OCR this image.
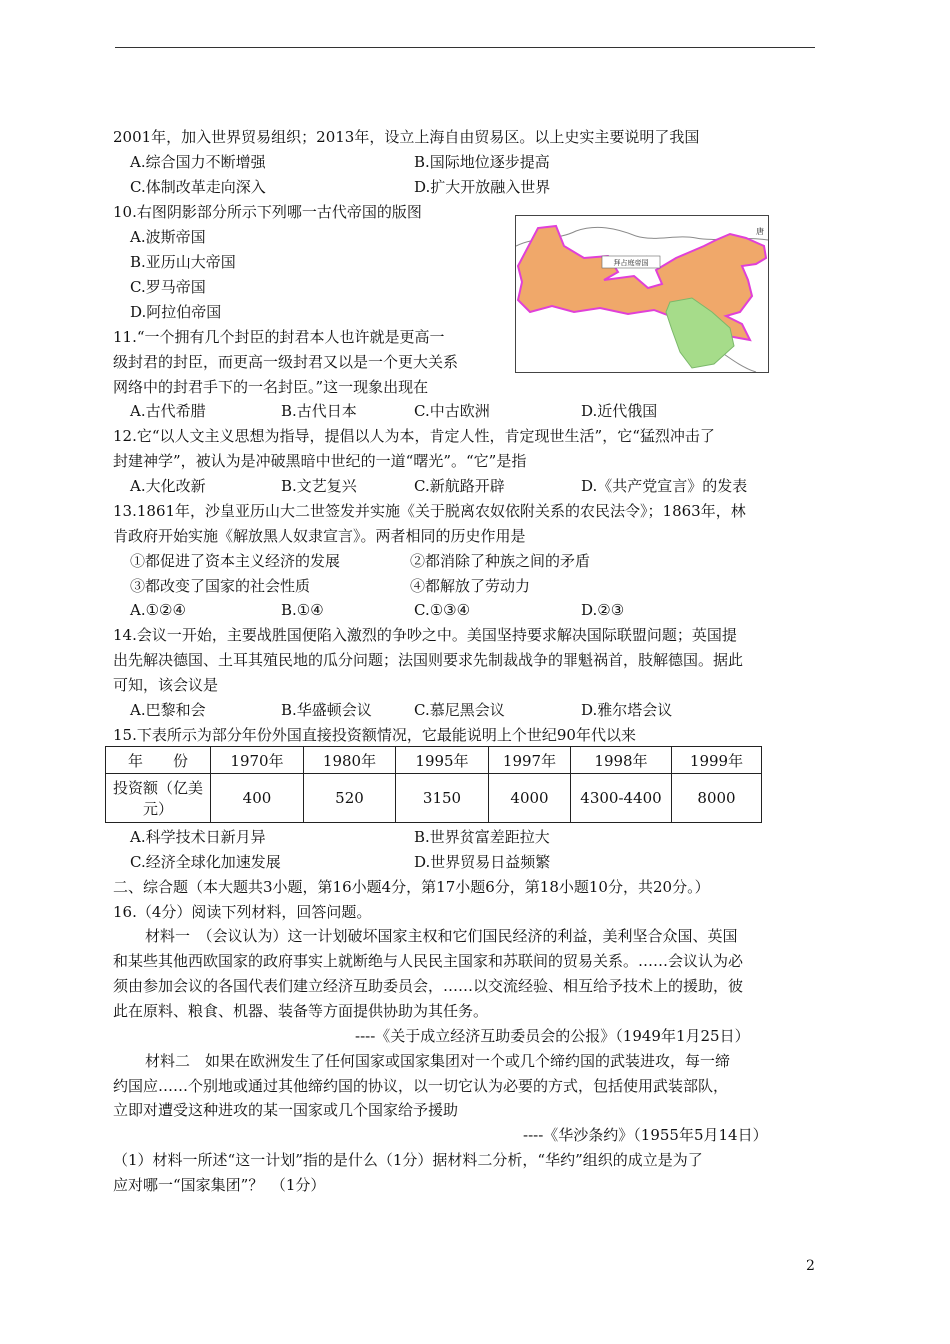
2001年，加入世界贸易组织；2013年，设立上海自由贸易区。以上史实主要说明了我国
A.综合国力不断增强	B.国际地位逐步提高
C.体制改革走向深入	D.扩大开放融入世界
10.右图阴影部分所示下列哪一古代帝国的版图
A.波斯帝国
B.亚历山大帝国
C.罗马帝国
D.阿拉伯帝国
拜占庭帝国
唐
11.“一个拥有几个封臣的封君本人也许就是更高一
级封君的封臣，而更高一级封君又以是一个更大关系
网络中的封君手下的一名封臣。”这一现象出现在
A.古代希腊	B.古代日本	C.中古欧洲	D.近代俄国
12.它“以人文主义思想为指导，提倡以人为本，肯定人性，肯定现世生活”，它“猛烈冲击了
封建神学”，被认为是冲破黑暗中世纪的一道“曙光”。“它”是指
A.大化改新	B.文艺复兴	C.新航路开辟	D.《共产党宣言》的发表
13.1861年，沙皇亚历山大二世签发并实施《关于脱离农奴依附关系的农民法令》；1863年，林
肯政府开始实施《解放黑人奴隶宣言》。两者相同的历史作用是
①都促进了资本主义经济的发展	②都消除了种族之间的矛盾
③都改变了国家的社会性质	④都解放了劳动力
A.①②④	B.①④	C.①③④	D.②③
14.会议一开始，主要战胜国便陷入激烈的争吵之中。美国坚持要求解决国际联盟问题；英国提
出先解决德国、土耳其殖民地的瓜分问题；法国则要求先制裁战争的罪魁祸首，肢解德国。据此
可知，该会议是
A.巴黎和会	B.华盛顿会议	C.慕尼黑会议	D.雅尔塔会议
15.下表所示为部分年份外国直接投资额情况，它最能说明上个世纪90年代以来
年　　份	1970年	1980年	1995年	1997年	1998年	1999年

投资额（亿美
元）	400	520	3150	4000	4300-4400	8000
A.科学技术日新月异	B.世界贫富差距拉大
C.经济全球化加速发展	D.世界贸易日益频繁
二、综合题（本大题共3小题，第16小题4分，第17小题6分，第18小题10分，共20分。）
16.（4分）阅读下列材料，回答问题。
材料一　（会议认为）这一计划破坏国家主权和它们国民经济的利益，美利坚合众国、英国
和某些其他西欧国家的政府事实上就断绝与人民民主国家和苏联间的贸易关系。……会议认为必
须由参加会议的各国代表们建立经济互助委员会，……以交流经验、相互给予技术上的援助，彼
此在原料、粮食、机器、装备等方面提供协助为其任务。
----《关于成立经济互助委员会的公报》（1949年1月25日）
材料二　如果在欧洲发生了任何国家或国家集团对一个或几个缔约国的武装进攻，每一缔
约国应……个别地或通过其他缔约国的协议，以一切它认为必要的方式，包括使用武装部队，
立即对遭受这种进攻的某一国家或几个国家给予援助
----《华沙条约》（1955年5月14日）
（1）材料一所述“这一计划”指的是什么（1分）据材料二分析，“华约”组织的成立是为了
应对哪一“国家集团”？　（1分）
2
